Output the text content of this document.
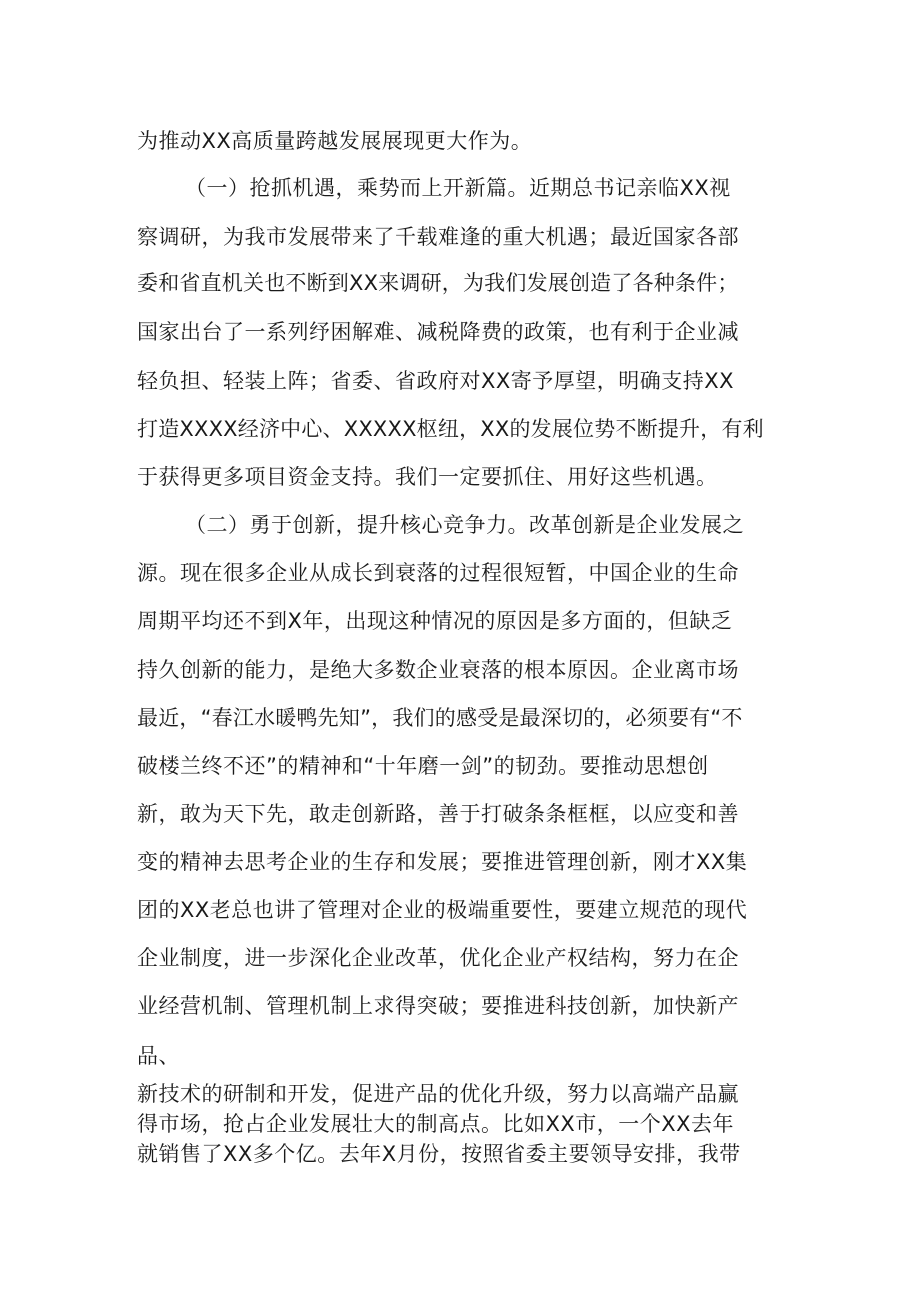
为推动XX高质量跨越发展展现更大作为。
（一）抢抓机遇，乘势而上开新篇。近期总书记亲临XX视
察调研，为我市发展带来了千载难逢的重大机遇；最近国家各部
委和省直机关也不断到XX来调研，为我们发展创造了各种条件；
国家出台了一系列纾困解难、减税降费的政策，也有利于企业减
轻负担、轻装上阵；省委、省政府对XX寄予厚望，明确支持XX
打造XXXX经济中心、XXXXX枢纽，XX的发展位势不断提升，有利
于获得更多项目资金支持。我们一定要抓住、用好这些机遇。
（二）勇于创新，提升核心竞争力。改革创新是企业发展之
源。现在很多企业从成长到衰落的过程很短暂，中国企业的生命
周期平均还不到X年，出现这种情况的原因是多方面的，但缺乏
持久创新的能力，是绝大多数企业衰落的根本原因。企业离市场
最近，“春江水暖鸭先知”，我们的感受是最深切的，必须要有“不
破楼兰终不还”的精神和“十年磨一剑”的韧劲。要推动思想创
新，敢为天下先，敢走创新路，善于打破条条框框，以应变和善
变的精神去思考企业的生存和发展；要推进管理创新，刚才XX集
团的XX老总也讲了管理对企业的极端重要性，要建立规范的现代
企业制度，进一步深化企业改革，优化企业产权结构，努力在企
业经营机制、管理机制上求得突破；要推进科技创新，加快新产
品、
新技术的研制和开发，促进产品的优化升级，努力以高端产品赢
得市场，抢占企业发展壮大的制高点。比如XX市，一个XX去年
就销售了XX多个亿。去年X月份，按照省委主要领导安排，我带
